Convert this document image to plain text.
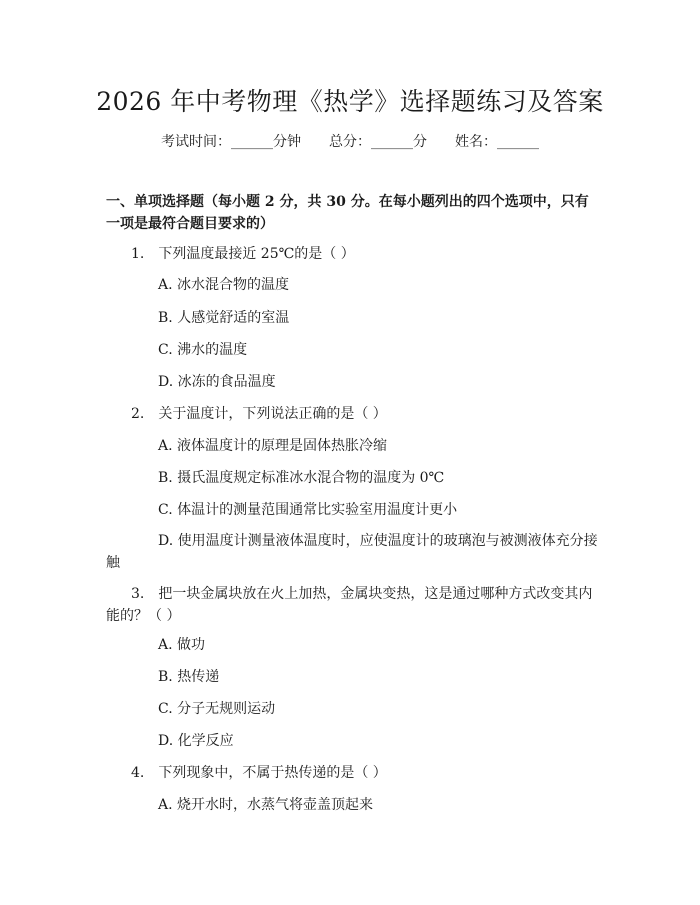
2026 年中考物理《热学》选择题练习及答案
考试时间：______分钟 总分：______分 姓名：______

一、单项选择题（每小题 2 分，共 30 分。在每小题列出的四个选项中，只有一项是最符合题目要求的）

1.　下列温度最接近 25℃的是（ ）

A. 冰水混合物的温度

B. 人感觉舒适的室温

C. 沸水的温度

D. 冰冻的食品温度

2.　关于温度计，下列说法正确的是（ ）

A. 液体温度计的原理是固体热胀冷缩

B. 摄氏温度规定标准冰水混合物的温度为 0℃

C. 体温计的测量范围通常比实验室用温度计更小

D. 使用温度计测量液体温度时，应使温度计的玻璃泡与被测液体充分接触

3.　把一块金属块放在火上加热，金属块变热，这是通过哪种方式改变其内能的？（ ）

A. 做功

B. 热传递

C. 分子无规则运动

D. 化学反应

4.　下列现象中，不属于热传递的是（ ）

A. 烧开水时，水蒸气将壶盖顶起来
